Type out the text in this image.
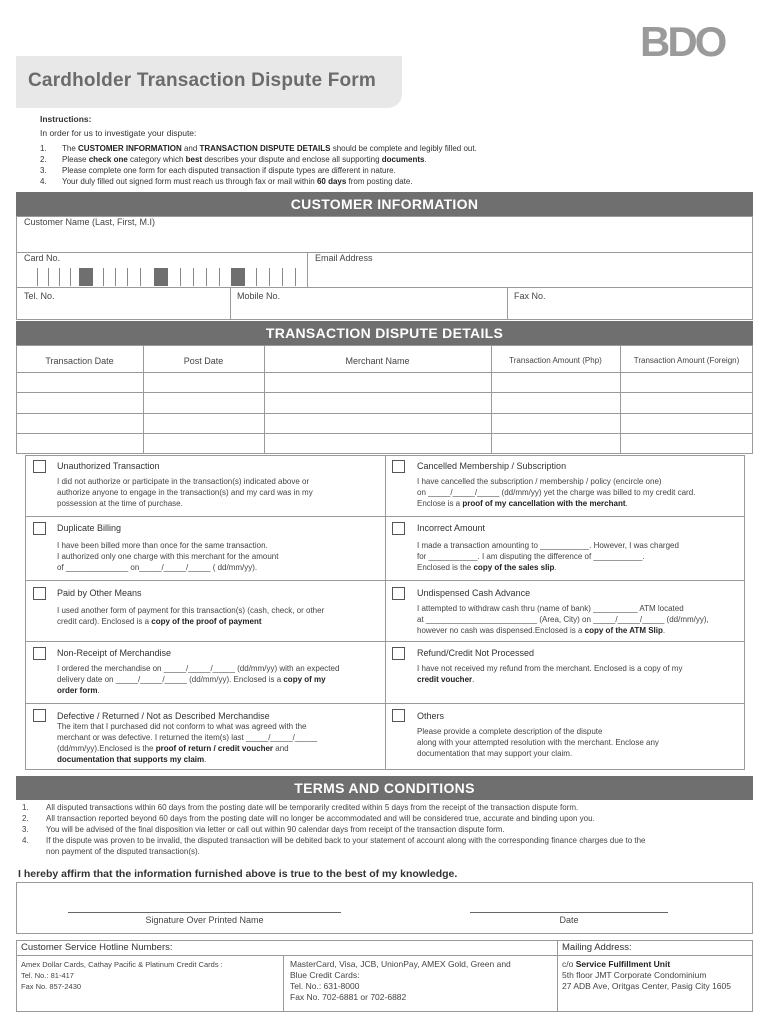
BDO
Cardholder Transaction Dispute Form
Instructions:
In order for us to investigate your dispute:
1. The CUSTOMER INFORMATION and TRANSACTION DISPUTE DETAILS should be complete and legibly filled out.
2. Please check one category which best describes your dispute and enclose all supporting documents.
3. Please complete one form for each disputed transaction if dispute types are different in nature.
4. Your duly filled out signed form must reach us through fax or mail within 60 days from posting date.
CUSTOMER INFORMATION
Customer Name (Last, First, M.I)
Card No.	Email Address
Tel. No.	Mobile No.	Fax No.
TRANSACTION DISPUTE DETAILS
Transaction Date	Post Date	Merchant Name	Transaction Amount (Php)	Transaction Amount (Foreign)
Unauthorized Transaction
I did not authorize or participate in the transaction(s) indicated above or
authorize anyone to engage in the transaction(s) and my card was in my
possession at the time of purchase.
Cancelled Membership / Subscription
I have cancelled the subscription / membership / policy (encircle one)
on _____/_____/_____ (dd/mm/yy) yet the charge was billed to my credit card.
Enclose is a proof of my cancellation with the merchant.
Duplicate Billing
I have been billed more than once for the same transaction.
I authorized only one charge with this merchant for the amount
of ______________ on_____/_____/_____ ( dd/mm/yy).
Incorrect Amount
I made a transaction amounting to ___________. However, I was charged
for ___________. I am disputing the difference of ___________.
Enclosed is the copy of the sales slip.
Paid by Other Means
I used another form of payment for this transaction(s) (cash, check, or other
credit card). Enclosed is a copy of the proof of payment
Undispensed Cash Advance
I attempted to withdraw cash thru (name of bank) __________ ATM located
at _________________________ (Area, City) on _____/_____/_____ (dd/mm/yy),
however no cash was dispensed.Enclosed is a copy of the ATM Slip.
Non-Receipt of Merchandise
I ordered the merchandise on _____/_____/_____ (dd/mm/yy) with an expected
delivery date on _____/_____/_____ (dd/mm/yy). Enclosed is a copy of my
order form.
Refund/Credit Not Processed
I have not received my refund from the merchant. Enclosed is a copy of my
credit voucher.
Defective / Returned / Not as Described Merchandise
The item that I purchased did not conform to what was agreed with the
merchant or was defective. I returned the item(s) last _____/_____/_____
(dd/mm/yy).Enclosed is the proof of return / credit voucher and
documentation that supports my claim.
Others
Please provide a complete description of the dispute
along with your attempted resolution with the merchant. Enclose any
documentation that may support your claim.
TERMS AND CONDITIONS
1. All disputed transactions within 60 days from the posting date will be temporarily credited within 5 days from the receipt of the transaction dispute form.
2. All transaction reported beyond 60 days from the posting date will no longer be accommodated and will be considered true, accurate and binding upon you.
3. You will be advised of the final disposition via letter or call out within 90 calendar days from receipt of the transaction dispute form.
4. If the dispute was proven to be invalid, the disputed transaction will be debited back to your statement of account along with the corresponding finance charges due to the
non payment of the disputed transaction(s).
I hereby affirm that the information furnished above is true to the best of my knowledge.
Signature Over Printed Name	Date
Customer Service Hotline Numbers:	Mailing Address:
Amex Dollar Cards, Cathay Pacific & Platinum Credit Cards :
Tel. No.: 81-417
Fax No. 857-2430
MasterCard, Visa, JCB, UnionPay, AMEX Gold, Green and
Blue Credit Cards:
Tel. No.: 631-8000
Fax No. 702-6881 or 702-6882
c/o Service Fulfillment Unit
5th floor JMT Corporate Condominium
27 ADB Ave, Oritgas Center, Pasig City 1605
